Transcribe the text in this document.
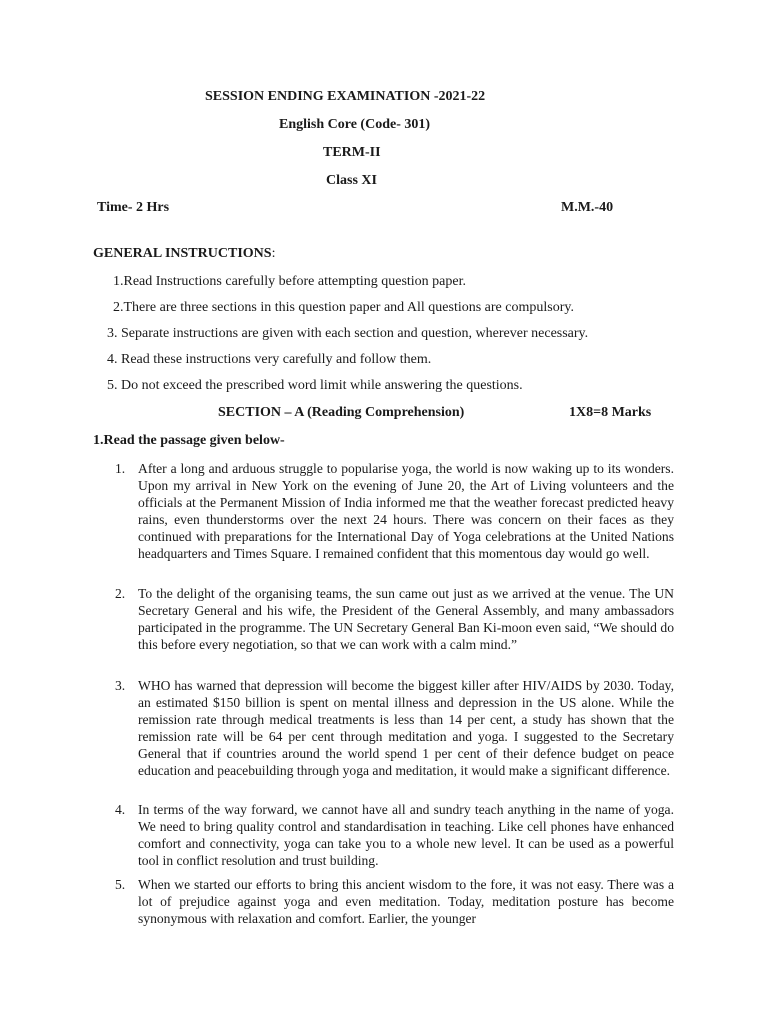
SESSION ENDING EXAMINATION -2021-22
English Core (Code- 301)
TERM-II
Class XI
Time- 2 Hrs	M.M.-40
GENERAL INSTRUCTIONS:
1.Read Instructions carefully before attempting question paper.
2.There are three sections in this question paper and All questions are compulsory.
3. Separate instructions are given with each section and question, wherever necessary.
4. Read these instructions very carefully and follow them.
5. Do not exceed the prescribed word limit while answering the questions.
SECTION – A (Reading Comprehension)	1X8=8 Marks
1.Read the passage given below-
1. After a long and arduous struggle to popularise yoga, the world is now waking up to its wonders. Upon my arrival in New York on the evening of June 20, the Art of Living volunteers and the officials at the Permanent Mission of India informed me that the weather forecast predicted heavy rains, even thunderstorms over the next 24 hours. There was concern on their faces as they continued with preparations for the International Day of Yoga celebrations at the United Nations headquarters and Times Square. I remained confident that this momentous day would go well.
2. To the delight of the organising teams, the sun came out just as we arrived at the venue. The UN Secretary General and his wife, the President of the General Assembly, and many ambassadors participated in the programme. The UN Secretary General Ban Ki-moon even said, “We should do this before every negotiation, so that we can work with a calm mind.”
3. WHO has warned that depression will become the biggest killer after HIV/AIDS by 2030. Today, an estimated $150 billion is spent on mental illness and depression in the US alone. While the remission rate through medical treatments is less than 14 per cent, a study has shown that the remission rate will be 64 per cent through meditation and yoga. I suggested to the Secretary General that if countries around the world spend 1 per cent of their defence budget on peace education and peacebuilding through yoga and meditation, it would make a significant difference.
4. In terms of the way forward, we cannot have all and sundry teach anything in the name of yoga. We need to bring quality control and standardisation in teaching. Like cell phones have enhanced comfort and connectivity, yoga can take you to a whole new level. It can be used as a powerful tool in conflict resolution and trust building.
5. When we started our efforts to bring this ancient wisdom to the fore, it was not easy. There was a lot of prejudice against yoga and even meditation. Today, meditation posture has become synonymous with relaxation and comfort. Earlier, the younger
